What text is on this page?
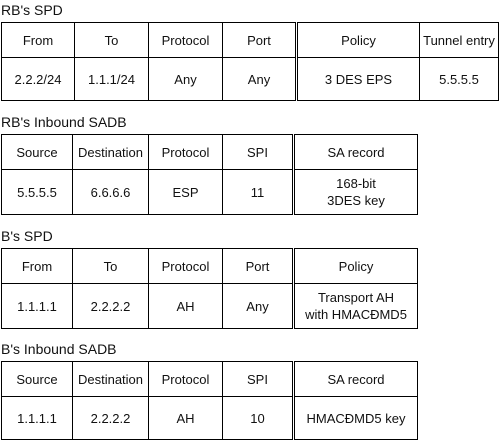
RB's SPD
From	To	Protocol	Port	Policy	Tunnel entry
2.2.2/24	1.1.1/24	Any	Any	3 DES EPS	5.5.5.5
RB's Inbound SADB
Source	Destination	Protocol	SPI	SA record
5.5.5.5	6.6.6.6	ESP	11	168-bit
3DES key
B's SPD
From	To	Protocol	Port	Policy
1.1.1.1	2.2.2.2	AH	Any	Transport AH
with HMACĐMD5
B's Inbound SADB
Source	Destination	Protocol	SPI	SA record
1.1.1.1	2.2.2.2	AH	10	HMACĐMD5 key
